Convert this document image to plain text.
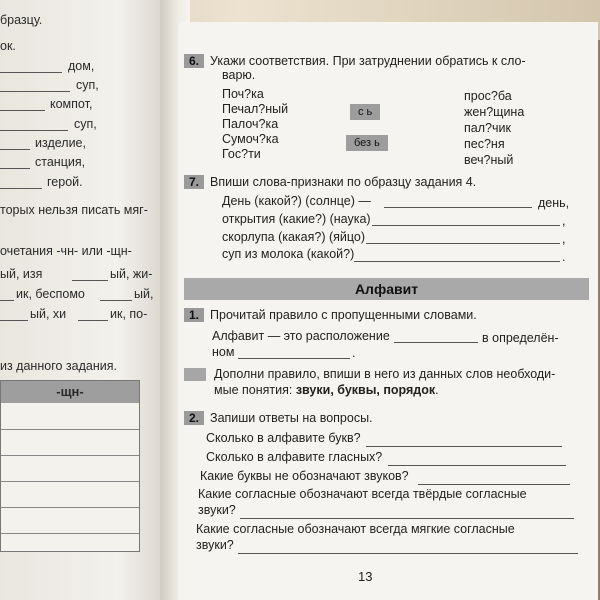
бразцу.
ок.
дом,
суп,
компот,
суп,
изделие,
станция,
герой.
торых нельзя писать мяг-
очетания -чн- или -щн-
ый, изя	ый, жи-
ик, беспомо	ый,
ый, хи	ик, по-
из данного задания.
-щн-
6. Укажи соответствия. При затруднении обратись к сло-
варю.
Поч?ка
Печал?ный
Палоч?ка
Сумоч?ка
Гос?ти
с ь
без ь
прос?ба
жен?щина
пал?чик
пес?ня
веч?ный
7. Впиши слова-признаки по образцу задания 4.
День (какой?) (солнце) —	день,
открытия (какие?) (наука)	,
скорлупа (какая?) (яйцо)	,
суп из молока (какой?)	.
Алфавит
1. Прочитай правило с пропущенными словами.
Алфавит — это расположение	в определён-
ном	.
Дополни правило, впиши в него из данных слов необходи-
мые понятия: звуки, буквы, порядок.
2. Запиши ответы на вопросы.
Сколько в алфавите букв?
Сколько в алфавите гласных?
Какие буквы не обозначают звуков?
Какие согласные обозначают всегда твёрдые согласные
звуки?
Какие согласные обозначают всегда мягкие согласные
звуки?
13
